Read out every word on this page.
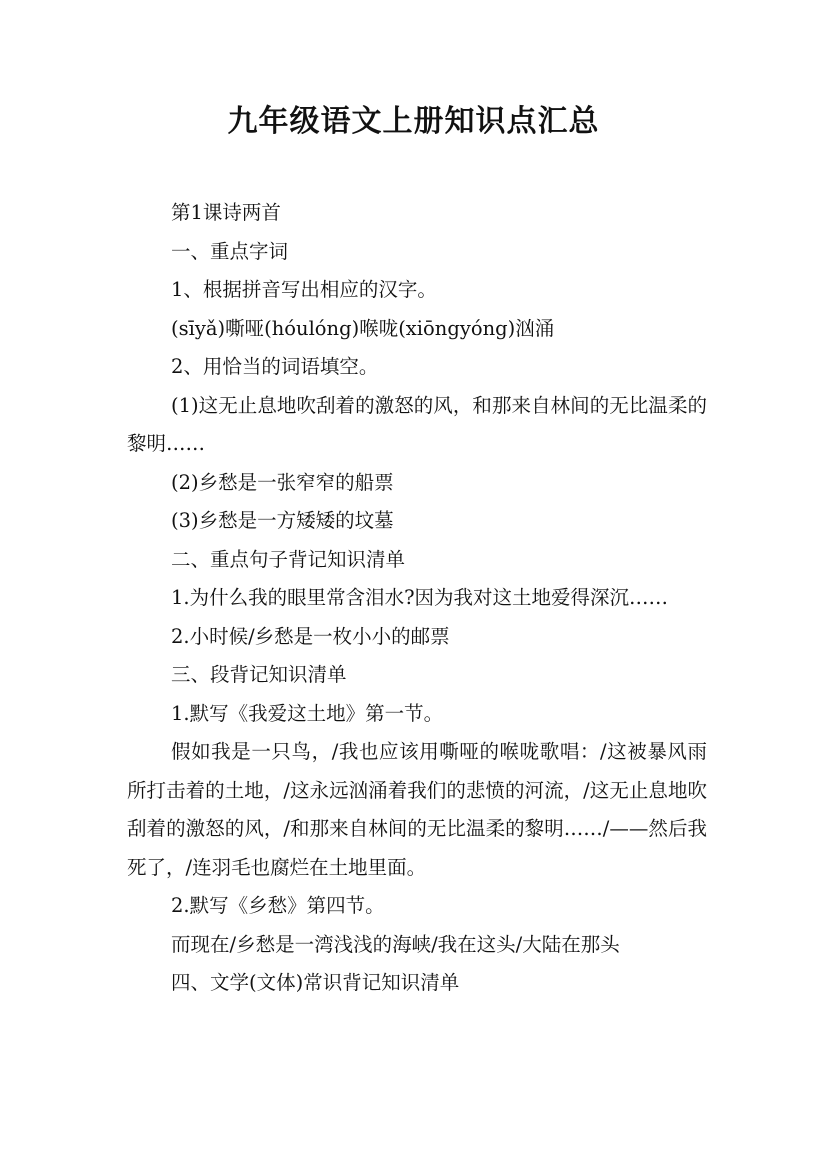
九年级语文上册知识点汇总

第1课诗两首

一、重点字词

1、根据拼音写出相应的汉字。

(sīyǎ)嘶哑(hóulóng)喉咙(xiōngyóng)汹涌

2、用恰当的词语填空。

(1)这无止息地吹刮着的激怒的风，和那来自林间的无比温柔的黎明……

(2)乡愁是一张窄窄的船票

(3)乡愁是一方矮矮的坟墓

二、重点句子背记知识清单

1.为什么我的眼里常含泪水?因为我对这土地爱得深沉……

2.小时候/乡愁是一枚小小的邮票

三、段背记知识清单

1.默写《我爱这土地》第一节。

假如我是一只鸟，/我也应该用嘶哑的喉咙歌唱：/这被暴风雨所打击着的土地，/这永远汹涌着我们的悲愤的河流，/这无止息地吹刮着的激怒的风，/和那来自林间的无比温柔的黎明……/——然后我死了，/连羽毛也腐烂在土地里面。

2.默写《乡愁》第四节。

而现在/乡愁是一湾浅浅的海峡/我在这头/大陆在那头

四、文学(文体)常识背记知识清单
